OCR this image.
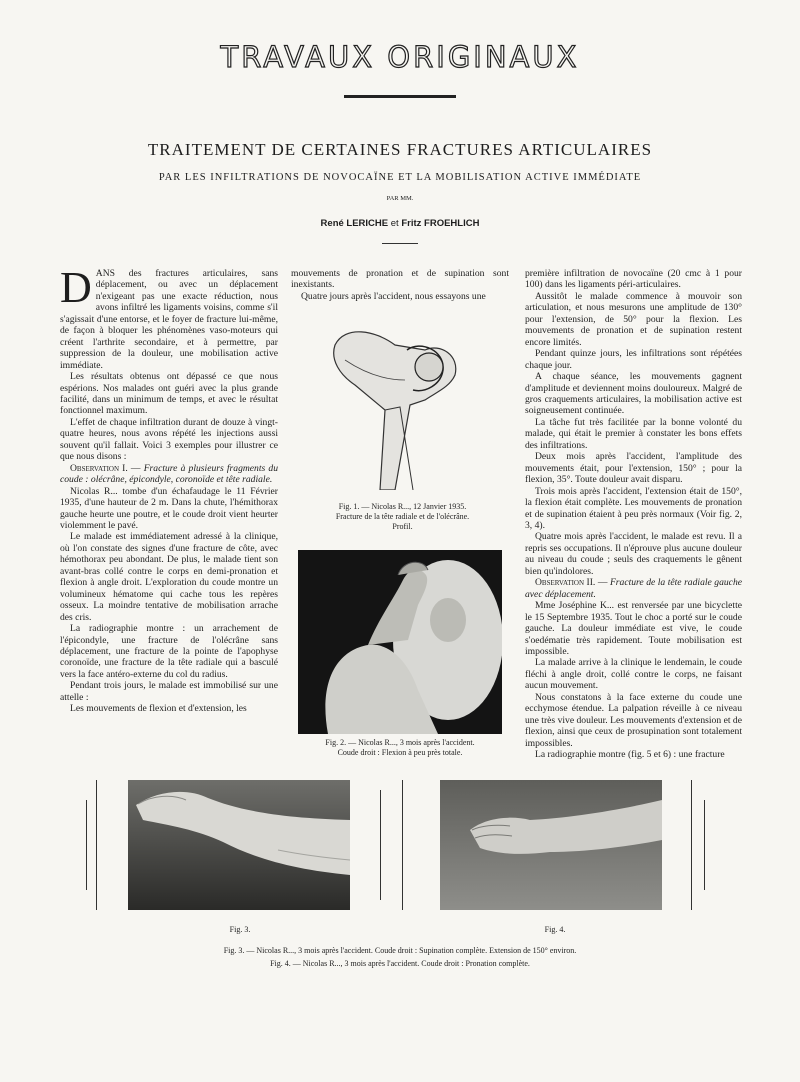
TRAVAUX ORIGINAUX
TRAITEMENT DE CERTAINES FRACTURES ARTICULAIRES
PAR LES INFILTRATIONS DE NOVOCAÏNE ET LA MOBILISATION ACTIVE IMMÉDIATE
PAR MM.
René LERICHE et Fritz FROEHLICH

DANS des fractures articulaires, sans déplacement, ou avec un déplacement n'exigeant pas une exacte réduction, nous avons infiltré les ligaments voisins, comme s'il s'agissait d'une entorse, et le foyer de fracture lui-même, de façon à bloquer les phénomènes vaso-moteurs qui créent l'arthrite secondaire, et à permettre, par suppression de la douleur, une mobilisation active immédiate.

Les résultats obtenus ont dépassé ce que nous espérions. Nos malades ont guéri avec la plus grande facilité, dans un minimum de temps, et avec le résultat fonctionnel maximum.

L'effet de chaque infiltration durant de douze à vingt-quatre heures, nous avons répété les injections aussi souvent qu'il fallait. Voici 3 exemples pour illustrer ce que nous disons :

Observation I. — Fracture à plusieurs fragments du coude : olécrâne, épicondyle, coronoïde et tête radiale.

Nicolas R... tombe d'un échafaudage le 11 Février 1935, d'une hauteur de 2 m. Dans la chute, l'hémithorax gauche heurte une poutre, et le coude droit vient heurter violemment le pavé.

Le malade est immédiatement adressé à la clinique, où l'on constate des signes d'une fracture de côte, avec hémothorax peu abondant. De plus, le malade tient son avant-bras collé contre le corps en demi-pronation et flexion à angle droit. L'exploration du coude montre un volumineux hématome qui cache tous les repères osseux. La moindre tentative de mobilisation arrache des cris.

La radiographie montre : un arrachement de l'épicondyle, une fracture de l'olécrâne sans déplacement, une fracture de la pointe de l'apophyse coronoïde, une fracture de la tête radiale qui a basculé vers la face antéro-externe du col du radius.

Pendant trois jours, le malade est immobilisé sur une attelle :

Les mouvements de flexion et d'extension, les

mouvements de pronation et de supination sont inexistants.

Quatre jours après l'accident, nous essayons une

Fig. 1. — Nicolas R..., 12 Janvier 1935.
Fracture de la tête radiale et de l'olécrâne.
Profil.
Fig. 2. — Nicolas R..., 3 mois après l'accident.
Coude droit : Flexion à peu près totale.

première infiltration de novocaïne (20 cmc à 1 pour 100) dans les ligaments péri-articulaires.

Aussitôt le malade commence à mouvoir son articulation, et nous mesurons une amplitude de 130° pour l'extension, de 50° pour la flexion. Les mouvements de pronation et de supination restent encore limités.

Pendant quinze jours, les infiltrations sont répétées chaque jour.

A chaque séance, les mouvements gagnent d'amplitude et deviennent moins douloureux. Malgré de gros craquements articulaires, la mobilisation active est soigneusement continuée.

La tâche fut très facilitée par la bonne volonté du malade, qui était le premier à constater les bons effets des infiltrations.

Deux mois après l'accident, l'amplitude des mouvements était, pour l'extension, 150° ; pour la flexion, 35°. Toute douleur avait disparu.

Trois mois après l'accident, l'extension était de 150°, la flexion était complète. Les mouvements de pronation et de supination étaient à peu près normaux (Voir fig. 2, 3, 4).

Quatre mois après l'accident, le malade est revu. Il a repris ses occupations. Il n'éprouve plus aucune douleur au niveau du coude ; seuls des craquements le gênent bien qu'indolores.

Observation II. — Fracture de la tête radiale gauche avec déplacement.

Mme Joséphine K... est renversée par une bicyclette le 15 Septembre 1935. Tout le choc a porté sur le coude gauche. La douleur immédiate est vive, le coude s'oedématie très rapidement. Toute mobilisation est impossible.

La malade arrive à la clinique le lendemain, le coude fléchi à angle droit, collé contre le corps, ne faisant aucun mouvement.

Nous constatons à la face externe du coude une ecchymose étendue. La palpation réveille à ce niveau une très vive douleur. Les mouvements d'extension et de flexion, ainsi que ceux de prosupination sont totalement impossibles.

La radiographie montre (fig. 5 et 6) : une fracture

Fig. 3.	Fig. 4.
Fig. 3. — Nicolas R..., 3 mois après l'accident. Coude droit : Supination complète. Extension de 150° environ.
Fig. 4. — Nicolas R..., 3 mois après l'accident. Coude droit : Pronation complète.
